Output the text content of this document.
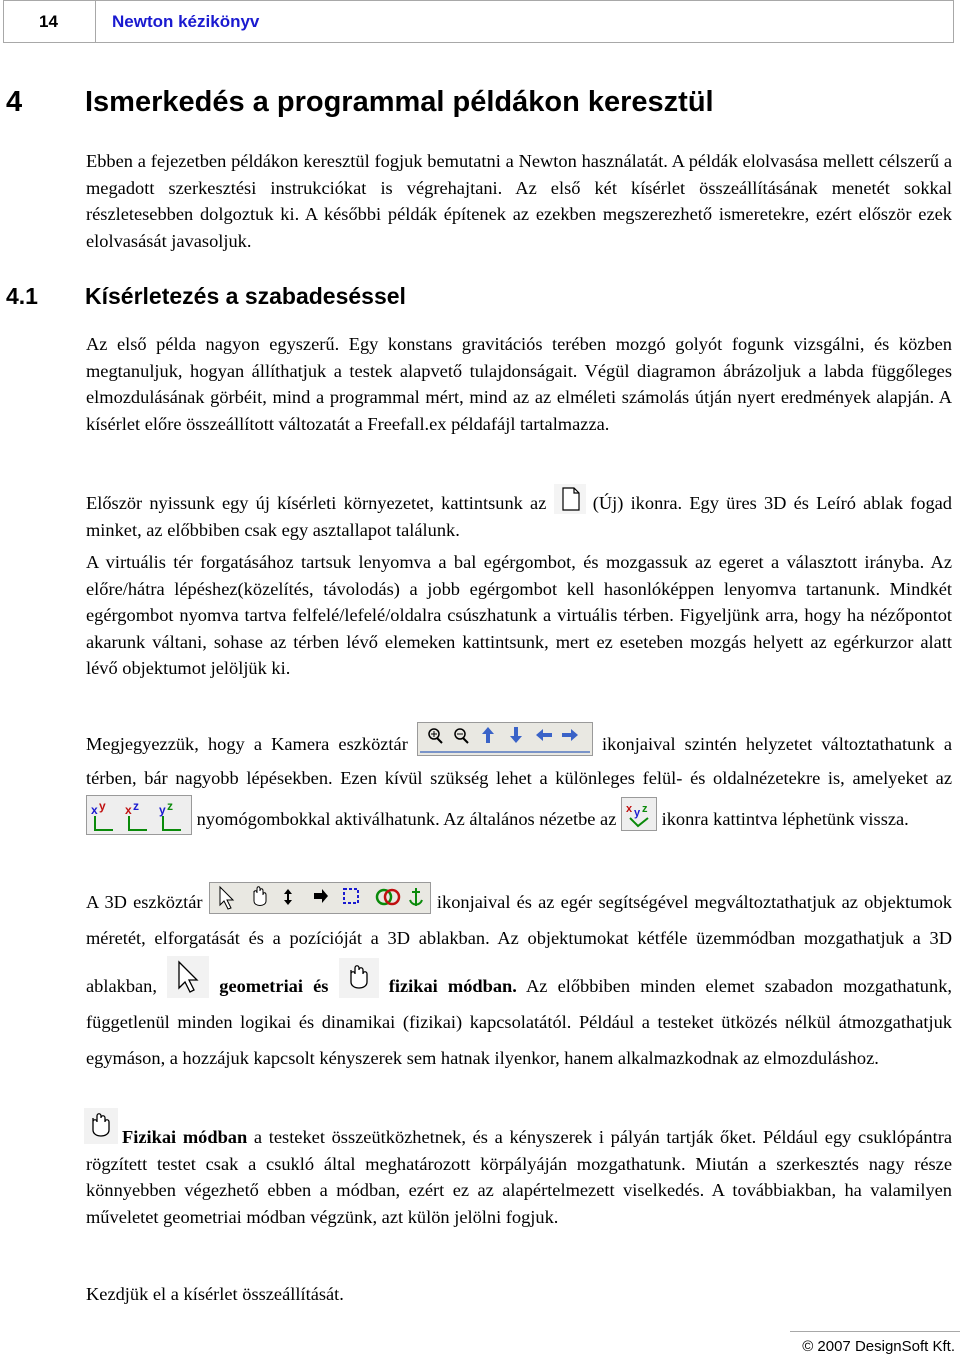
14	Newton kézikönyv
4 Ismerkedés a programmal példákon keresztül

Ebben a fejezetben példákon keresztül fogjuk bemutatni a Newton használatát. A példák elolvasása mellett célszerű a megadott szerkesztési instrukciókat is végrehajtani. Az első két kísérlet összeállításának menetét sokkal részletesebben dolgoztuk ki. A későbbi példák építenek az ezekben megszerezhető ismeretekre, ezért először ezek elolvasását javasoljuk.

4.1 Kísérletezés a szabadeséssel

Az első példa nagyon egyszerű. Egy konstans gravitációs terében mozgó golyót fogunk vizsgálni, és közben megtanuljuk, hogyan állíthatjuk a testek alapvető tulajdonságait. Végül diagramon ábrázoljuk a labda függőleges elmozdulásának görbéit, mind a programmal mért, mind az az elméleti számolás útján nyert eredmények alapján. A kísérlet előre összeállított változatát a Freefall.ex példafájl tartalmazza.

Először nyissunk egy új kísérleti környezetet, kattintsunk az
(Új) ikonra. Egy üres 3D és Leíró ablak fogad minket, az előbbiben csak egy asztallapot találunk.

A virtuális tér forgatásához tartsuk lenyomva a bal egérgombot, és mozgassuk az egeret a választott irányba. Az előre/hátra lépéshez(közelítés, távolodás) a jobb egérgombot kell hasonlóképpen lenyomva tartanunk. Mindkét egérgombot nyomva tartva felfelé/lefelé/oldalra csúszhatunk a virtuális térben. Figyeljünk arra, hogy ha nézőpontot akarunk váltani, sohase az térben lévő elemeken kattintsunk, mert ez eseteben mozgás helyett az egérkurzor alatt lévő objektumot jelöljük ki.

Megjegyezzük, hogy a Kamera eszköztár	ikonjaival szintén helyzetet változtathatunk a térben, bár nagyobb lépésekben. Ezen kívül szükség lehet a különleges felül- és oldalnézetekre is, amelyeket az
x y x z y z
nyomógombokkal aktiválhatunk. Az általános nézetbe az x y z ikonra kattintva léphetünk vissza.

A 3D eszköztár	ikonjaival és az egér segítségével megváltoztathatjuk az objektumok méretét, elforgatását és a pozícióját a 3D ablakban. Az objektumokat kétféle üzemmódban mozgathatjuk a 3D ablakban,	geometriai és	fizikai módban. Az előbbiben minden elemet szabadon mozgathatunk, függetlenül minden logikai és dinamikai (fizikai) kapcsolatától. Például a testeket ütközés nélkül átmozgathatjuk egymáson, a hozzájuk kapcsolt kényszerek sem hatnak ilyenkor, hanem alkalmazkodnak az elmozduláshoz.

Fizikai módban a testeket összeütközhetnek, és a kényszerek i pályán tartják őket. Például egy csuklópántra rögzített testet csak a csukló által meghatározott körpályáján mozgathatunk. Miután a szerkesztés nagy része könnyebben végezhető ebben a módban, ezért ez az alapértelmezett viselkedés. A továbbiakban, ha valamilyen műveletet geometriai módban végzünk, azt külön jelölni fogjuk.

Kezdjük el a kísérlet összeállítását.

© 2007 DesignSoft Kft.
